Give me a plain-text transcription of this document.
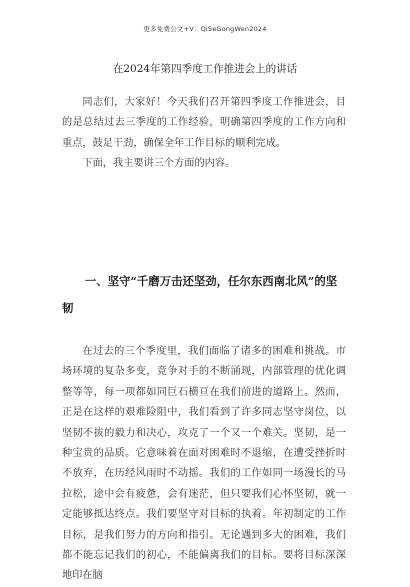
更多免费公文+V：QiSeGongWen2024
在2024年第四季度工作推进会上的讲话

同志们，大家好！今天我们召开第四季度工作推进会，目的是总结过去三季度的工作经验，明确第四季度的工作方向和重点，鼓足干劲，确保全年工作目标的顺利完成。

下面，我主要讲三个方面的内容。

一、坚守“千磨万击还坚劲，任尔东西南北风”的坚
韧

在过去的三个季度里，我们面临了诸多的困难和挑战。市场环境的复杂多变，竞争对手的不断涌现，内部管理的优化调整等等，每一项都如同巨石横亘在我们前进的道路上。然而，正是在这样的艰难险阻中，我们看到了许多同志坚守岗位，以坚韧不拔的毅力和决心，攻克了一个又一个难关。坚韧，是一种宝贵的品质。它意味着在面对困难时不退缩，在遭受挫折时不放弃，在历经风雨时不动摇。我们的工作如同一场漫长的马拉松，途中会有疲惫，会有迷茫，但只要我们心怀坚韧，就一定能够抵达终点。我们要坚守对目标的执着。年初制定的工作目标，是我们努力的方向和指引。无论遇到多大的困难，我们都不能忘记我们的初心，不能偏离我们的目标。要将目标深深地印在脑
